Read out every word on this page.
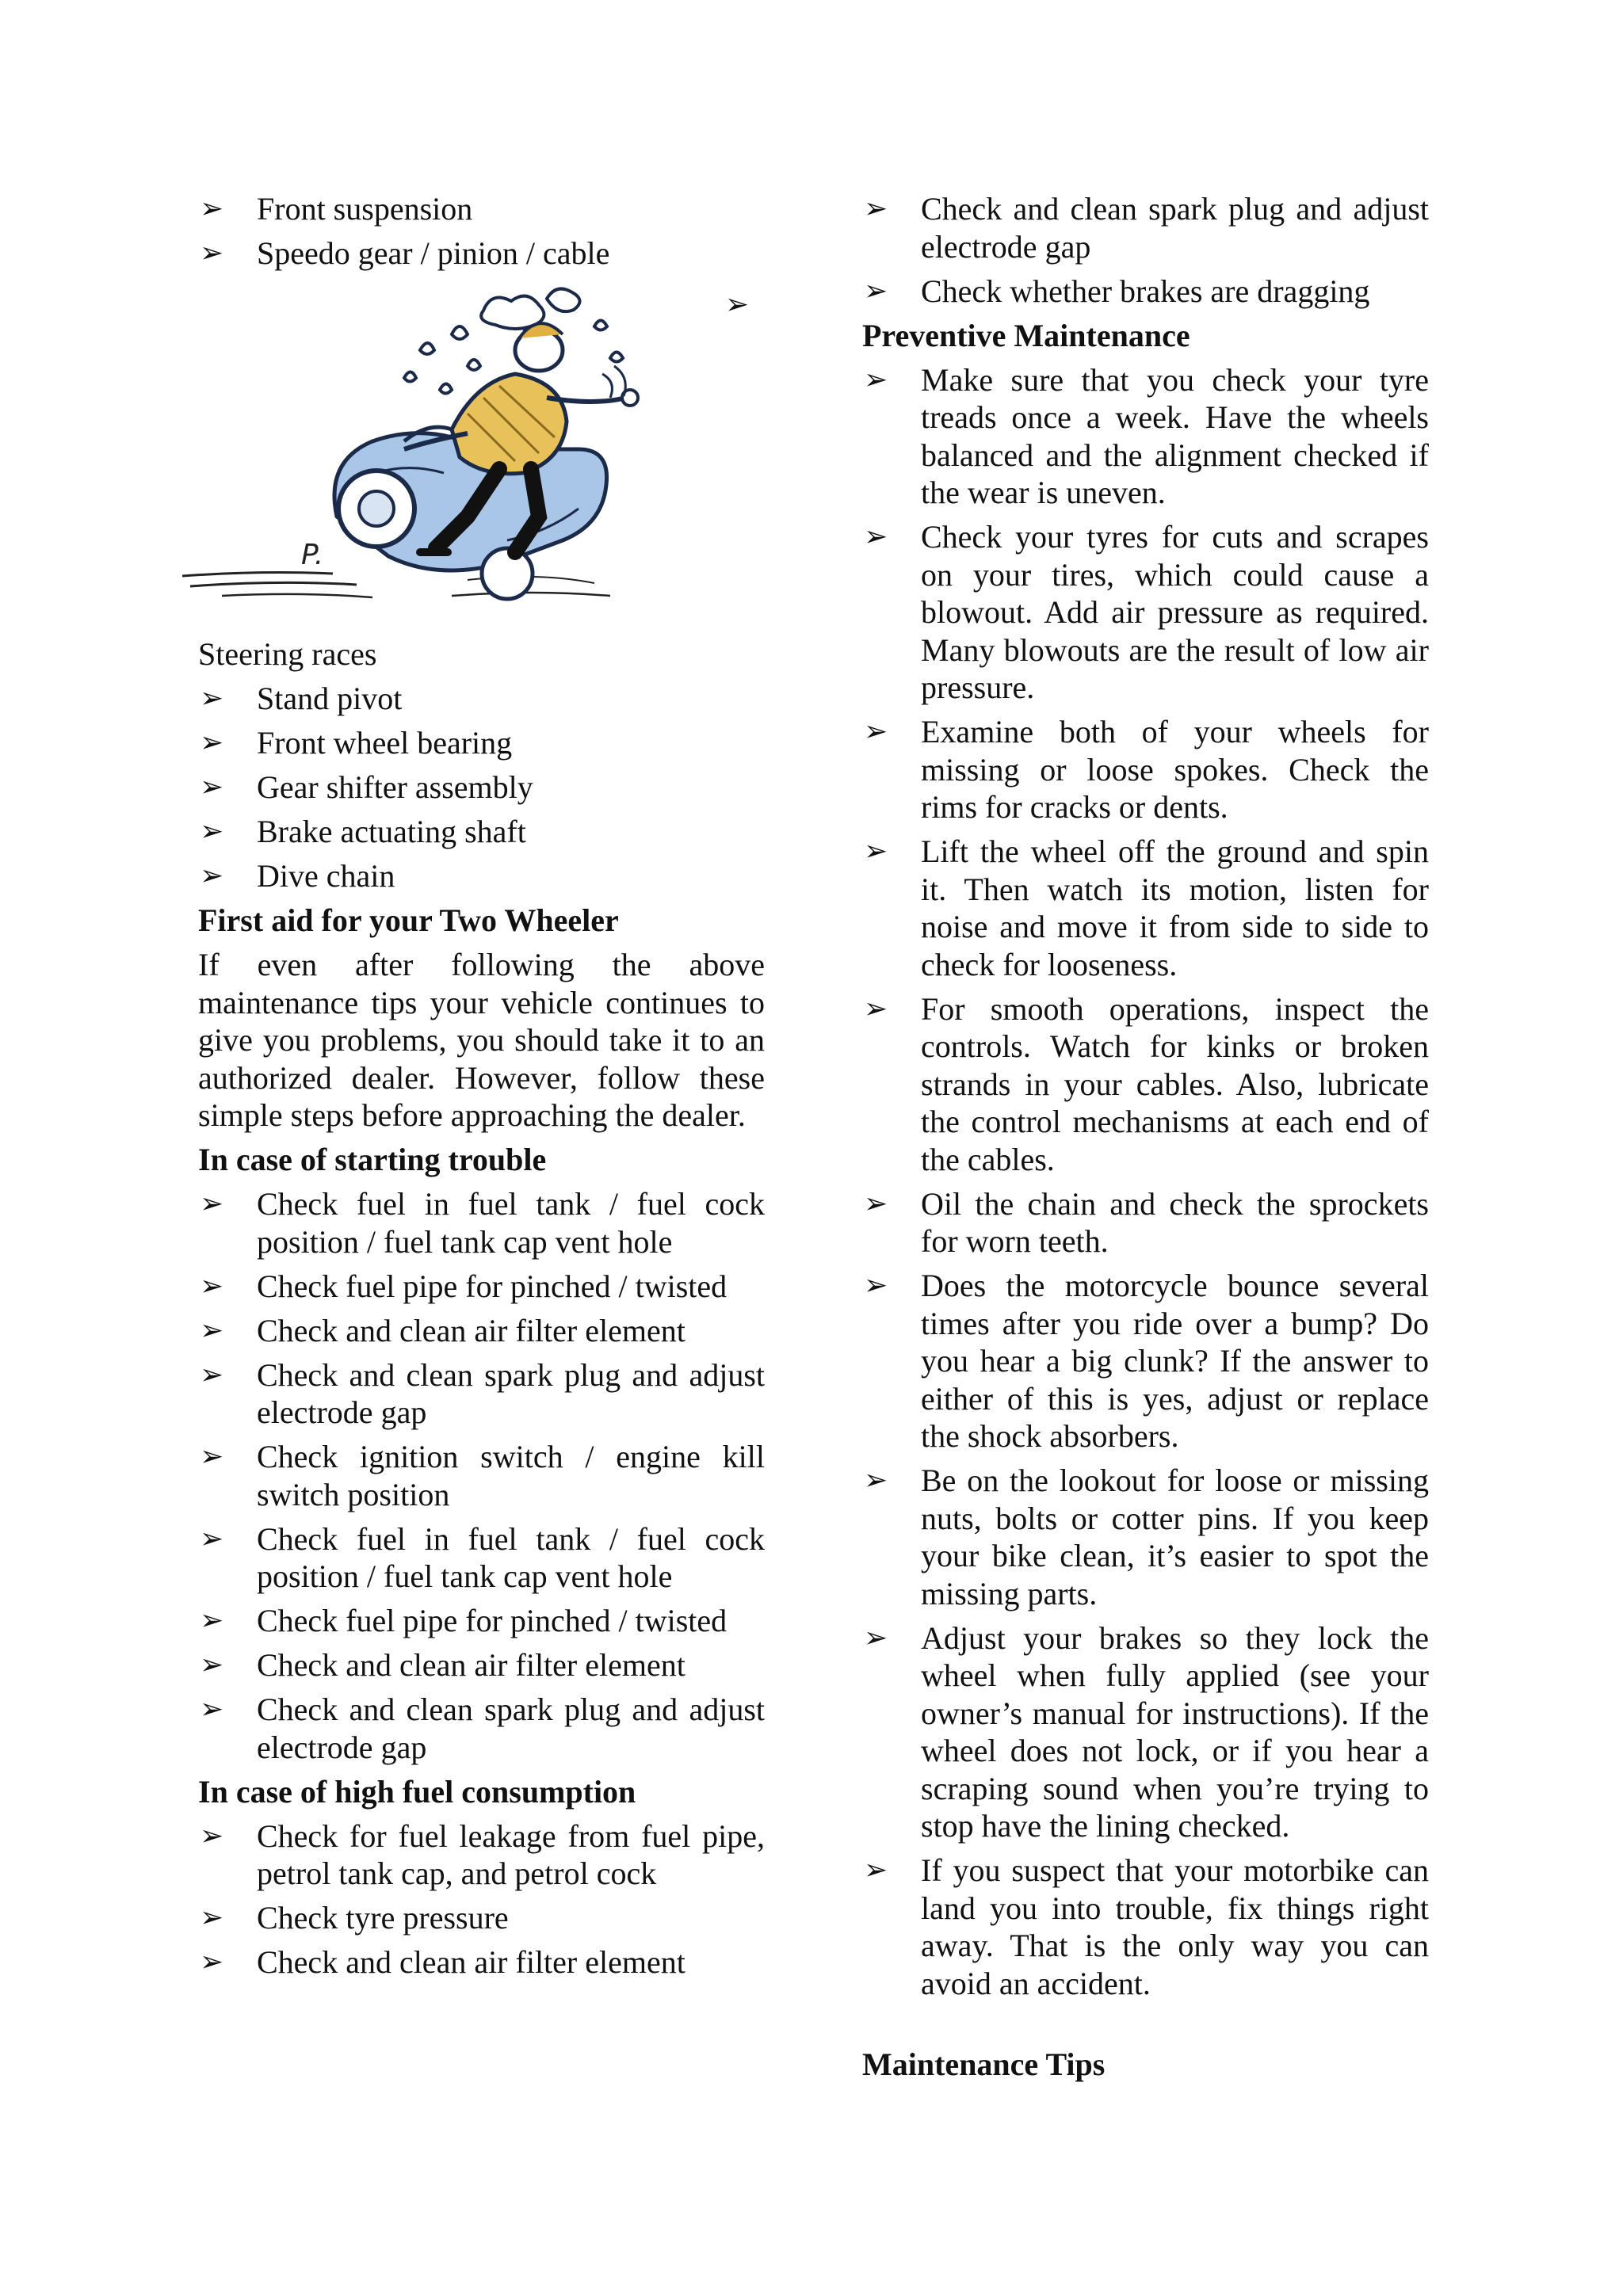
➢ Front suspension
➢ Speedo gear / pinion / cable
➢
P.
Steering races
➢ Stand pivot
➢ Front wheel bearing
➢ Gear shifter assembly
➢ Brake actuating shaft
➢ Dive chain
First aid for your Two Wheeler
If even after following the above maintenance tips your vehicle continues to give you problems, you should take it to an authorized dealer. However, follow these simple steps before approaching the dealer.
In case of starting trouble
➢ Check fuel in fuel tank / fuel cock position / fuel tank cap vent hole
➢ Check fuel pipe for pinched / twisted
➢ Check and clean air filter element
➢ Check and clean spark plug and adjust electrode gap
➢ Check ignition switch / engine kill switch position
➢ Check fuel in fuel tank / fuel cock position / fuel tank cap vent hole
➢ Check fuel pipe for pinched / twisted
➢ Check and clean air filter element
➢ Check and clean spark plug and adjust electrode gap
In case of high fuel consumption
➢ Check for fuel leakage from fuel pipe, petrol tank cap, and petrol cock
➢ Check tyre pressure
➢ Check and clean air filter element
➢ Check and clean spark plug and adjust electrode gap
➢ Check whether brakes are dragging
Preventive Maintenance
➢ Make sure that you check your tyre treads once a week. Have the wheels balanced and the alignment checked if the wear is uneven.
➢ Check your tyres for cuts and scrapes on your tires, which could cause a blowout. Add air pressure as required. Many blowouts are the result of low air pressure.
➢ Examine both of your wheels for missing or loose spokes. Check the rims for cracks or dents.
➢ Lift the wheel off the ground and spin it. Then watch its motion, listen for noise and move it from side to side to check for looseness.
➢ For smooth operations, inspect the controls. Watch for kinks or broken strands in your cables. Also, lubricate the control mechanisms at each end of the cables.
➢ Oil the chain and check the sprockets for worn teeth.
➢ Does the motorcycle bounce several times after you ride over a bump? Do you hear a big clunk? If the answer to either of this is yes, adjust or replace the shock absorbers.
➢ Be on the lookout for loose or missing nuts, bolts or cotter pins. If you keep your bike clean, it’s easier to spot the missing parts.
➢ Adjust your brakes so they lock the wheel when fully applied (see your owner’s manual for instructions). If the wheel does not lock, or if you hear a scraping sound when you’re trying to stop have the lining checked.
➢ If you suspect that your motorbike can land you into trouble, fix things right away. That is the only way you can avoid an accident.
Maintenance Tips
